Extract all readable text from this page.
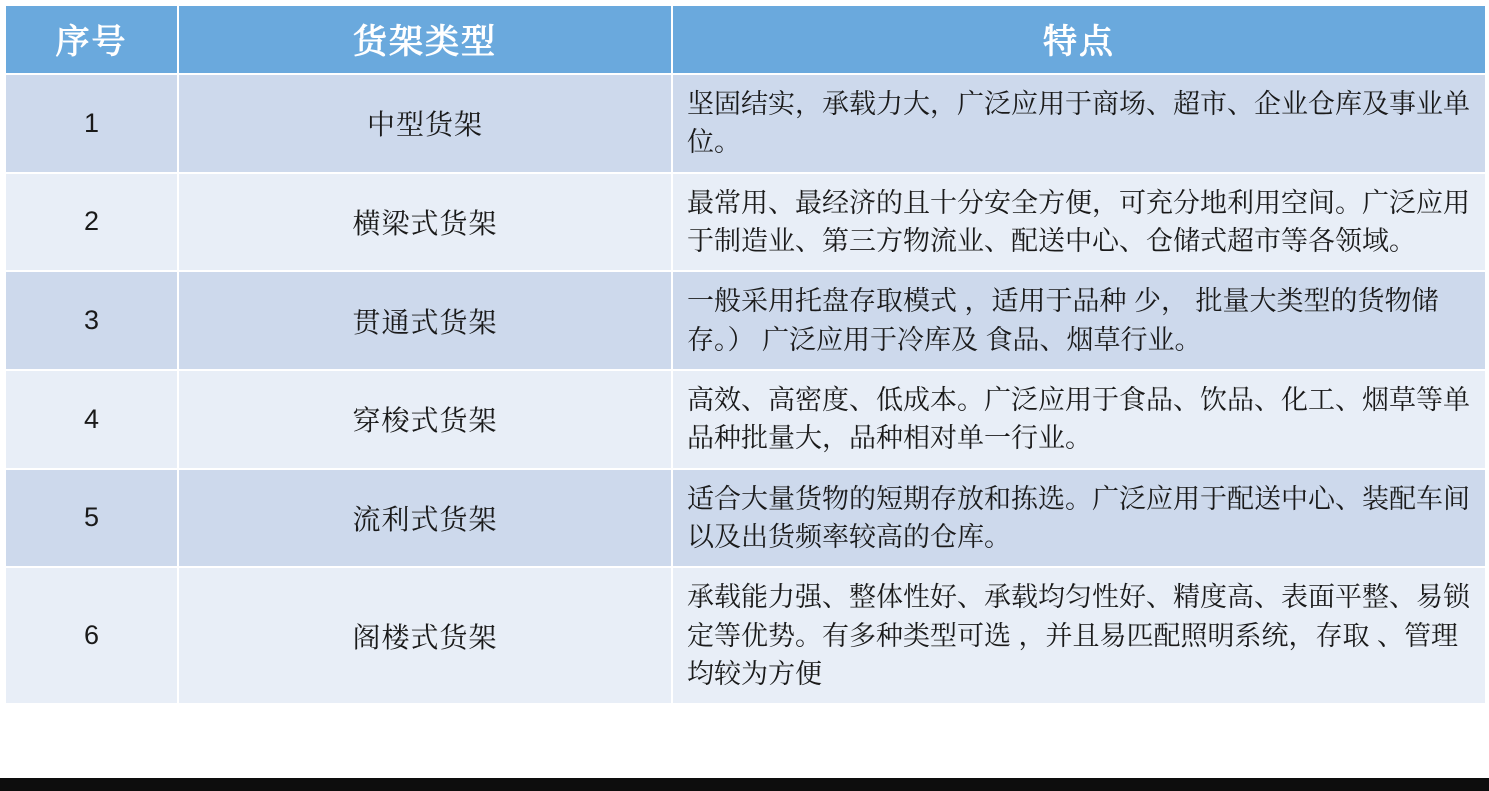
序号	货架类型	特点
1	中型货架	坚固结实，承载力大，广泛应用于商场、超市、企业仓库及事业单位。
2	横梁式货架	最常用、最经济的且十分安全方便，可充分地利用空间。广泛应用于制造业、第三方物流业、配送中心、仓储式超市等各领域。
3	贯通式货架	一般采用托盘存取模式 ，适用于品种 少， 批量大类型的货物储存。） 广泛应用于冷库及 食品、烟草行业。
4	穿梭式货架	高效、高密度、低成本。广泛应用于食品、饮品、化工、烟草等单品种批量大，品种相对单一行业。
5	流利式货架	适合大量货物的短期存放和拣选。广泛应用于配送中心、装配车间以及出货频率较高的仓库。
6	阁楼式货架	承载能力强、整体性好、承载均匀性好、精度高、表面平整、易锁定等优势。有多种类型可选 ，并且易匹配照明系统，存取 、管理均较为方便
